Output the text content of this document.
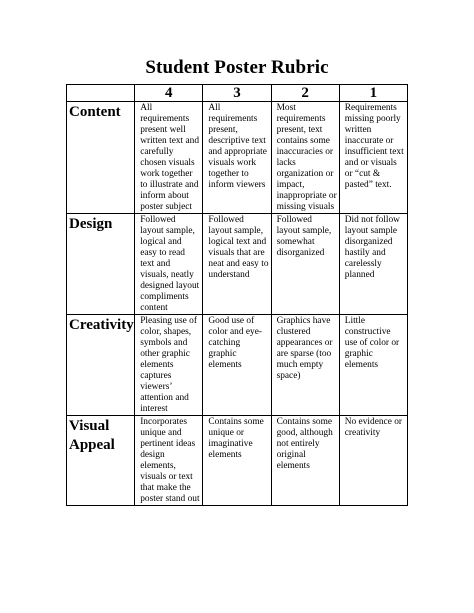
Student Poster Rubric
	4	3	2	1
Content	All requirements present well written text and carefully chosen visuals work together to illustrate and inform about poster subject	All requirements present, descriptive text and appropriate visuals work together to inform viewers	Most requirements present, text contains some inaccuracies or lacks organization or impact, inappropriate or missing visuals	Requirements missing poorly written inaccurate or insufficient text and or visuals or “cut & pasted” text.
Design	Followed layout sample, logical and easy to read text and visuals, neatly designed layout compliments content	Followed layout sample, logical text and visuals that are neat and easy to understand	Followed layout sample, somewhat disorganized	Did not follow layout sample disorganized hastily and carelessly planned
Creativity	Pleasing use of color, shapes, symbols and other graphic elements captures viewers’ attention and interest	Good use of color and eye-catching graphic elements	Graphics have clustered appearances or are sparse (too much empty space)	Little constructive use of color or graphic elements
Visual Appeal	Incorporates unique and pertinent ideas design elements, visuals or text that make the poster stand out	Contains some unique or imaginative elements	Contains some good, although not entirely original elements	No evidence or creativity
